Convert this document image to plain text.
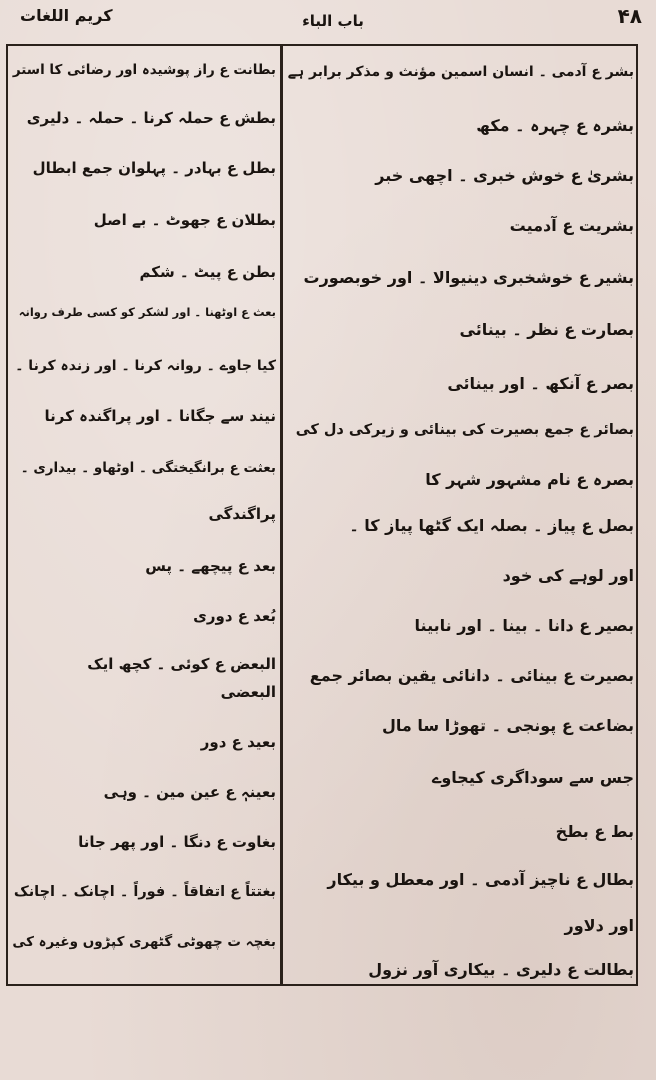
کریم اللغات	باب الباء	۴۸
بشر ع آدمی ۔ انسان اسمین مؤنث و مذکر برابر ہے
بشرہ ع چہرہ ۔ مکھ
بشریٰ ع خوش خبری ۔ اچھی خبر
بشریت ع آدمیت
بشیر ع خوشخبری دینیوالا ۔ اور خوبصورت
بصارت ع نظر ۔ بینائی
بصر ع آنکھ ۔ اور بینائی
بصائر ع جمع بصیرت کی بینائی و زیرکی دل کی
بصرہ ع نام مشہور شہر کا
بصل ع پیاز ۔ بصلہ ایک گٹھا پیاز کا ۔
اور لوہے کی خود
بصیر ع دانا ۔ بینا ۔ اور نابینا
بصیرت ع بینائی ۔ دانائی یقین بصائر جمع
بضاعت ع پونجی ۔ تھوڑا سا مال
جس سے سوداگری کیجاوے
بط ع بطخ
بطال ع ناچیز آدمی ۔ اور معطل و بیکار
اور دلاور
بطالت ع دلیری ۔ بیکاری آور نزول
بطانت ع راز پوشیدہ اور رضائی کا استر
بطش ع حملہ کرنا ۔ حملہ ۔ دلیری
بطل ع بہادر ۔ پہلوان جمع ابطال
بطلان ع جھوٹ ۔ بے اصل
بطن ع پیٹ ۔ شکم
بعث ع اوٹھنا ۔ اور لشکر کو کسی طرف روانہ
کیا جاوے ۔ روانہ کرنا ۔ اور زندہ کرنا ۔
نیند سے جگانا ۔ اور پراگندہ کرنا
بعثت ع برانگیختگی ۔ اوٹھاو ۔ بیداری ۔
پراگندگی
بعد ع پیچھے ۔ پس
بُعد ع دوری
البعض ع کوئی ۔ کچھ ایک
البعضی
بعید ع دور
بعینہٖ ع عین مین ۔ وہی
بغاوت ع دنگا ۔ اور پھر جانا
بغتتاً ع اتفاقاً ۔ فوراً ۔ اچانک ۔ اچانک
بغچہ ت چھوٹی گٹھری کپڑوں وغیرہ کی
